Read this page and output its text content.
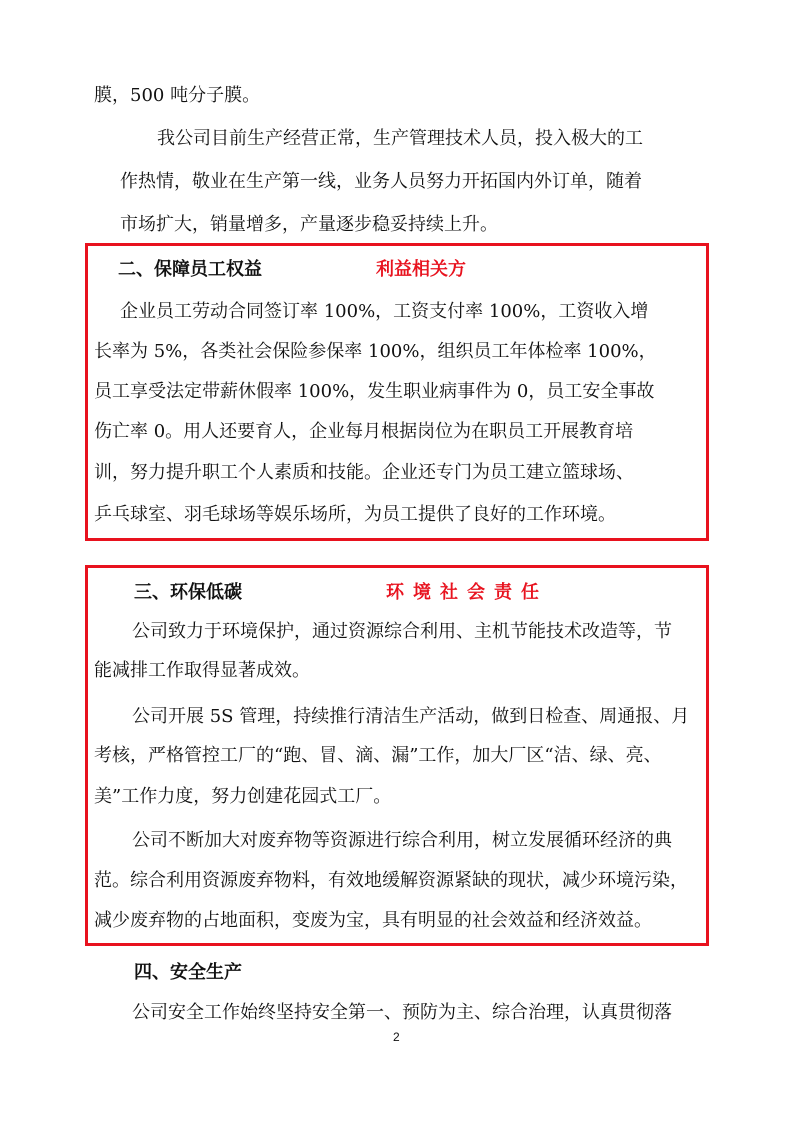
膜，500 吨分子膜。
我公司目前生产经营正常，生产管理技术人员，投入极大的工
作热情，敬业在生产第一线，业务人员努力开拓国内外订单，随着
市场扩大，销量增多，产量逐步稳妥持续上升。
二、保障员工权益	利益相关方
企业员工劳动合同签订率 100%，工资支付率 100%，工资收入增
长率为 5%，各类社会保险参保率 100%，组织员工年体检率 100%，
员工享受法定带薪休假率 100%，发生职业病事件为 0，员工安全事故
伤亡率 0。用人还要育人，企业每月根据岗位为在职员工开展教育培
训，努力提升职工个人素质和技能。企业还专门为员工建立篮球场、
乒乓球室、羽毛球场等娱乐场所，为员工提供了良好的工作环境。
三、环保低碳	环境社会责任
公司致力于环境保护，通过资源综合利用、主机节能技术改造等，节
能减排工作取得显著成效。
公司开展 5S 管理，持续推行清洁生产活动，做到日检查、周通报、月
考核，严格管控工厂的“跑、冒、滴、漏”工作，加大厂区“洁、绿、亮、
美”工作力度，努力创建花园式工厂。
公司不断加大对废弃物等资源进行综合利用，树立发展循环经济的典
范。综合利用资源废弃物料，有效地缓解资源紧缺的现状，减少环境污染，
减少废弃物的占地面积，变废为宝，具有明显的社会效益和经济效益。
四、安全生产
公司安全工作始终坚持安全第一、预防为主、综合治理，认真贯彻落
2
